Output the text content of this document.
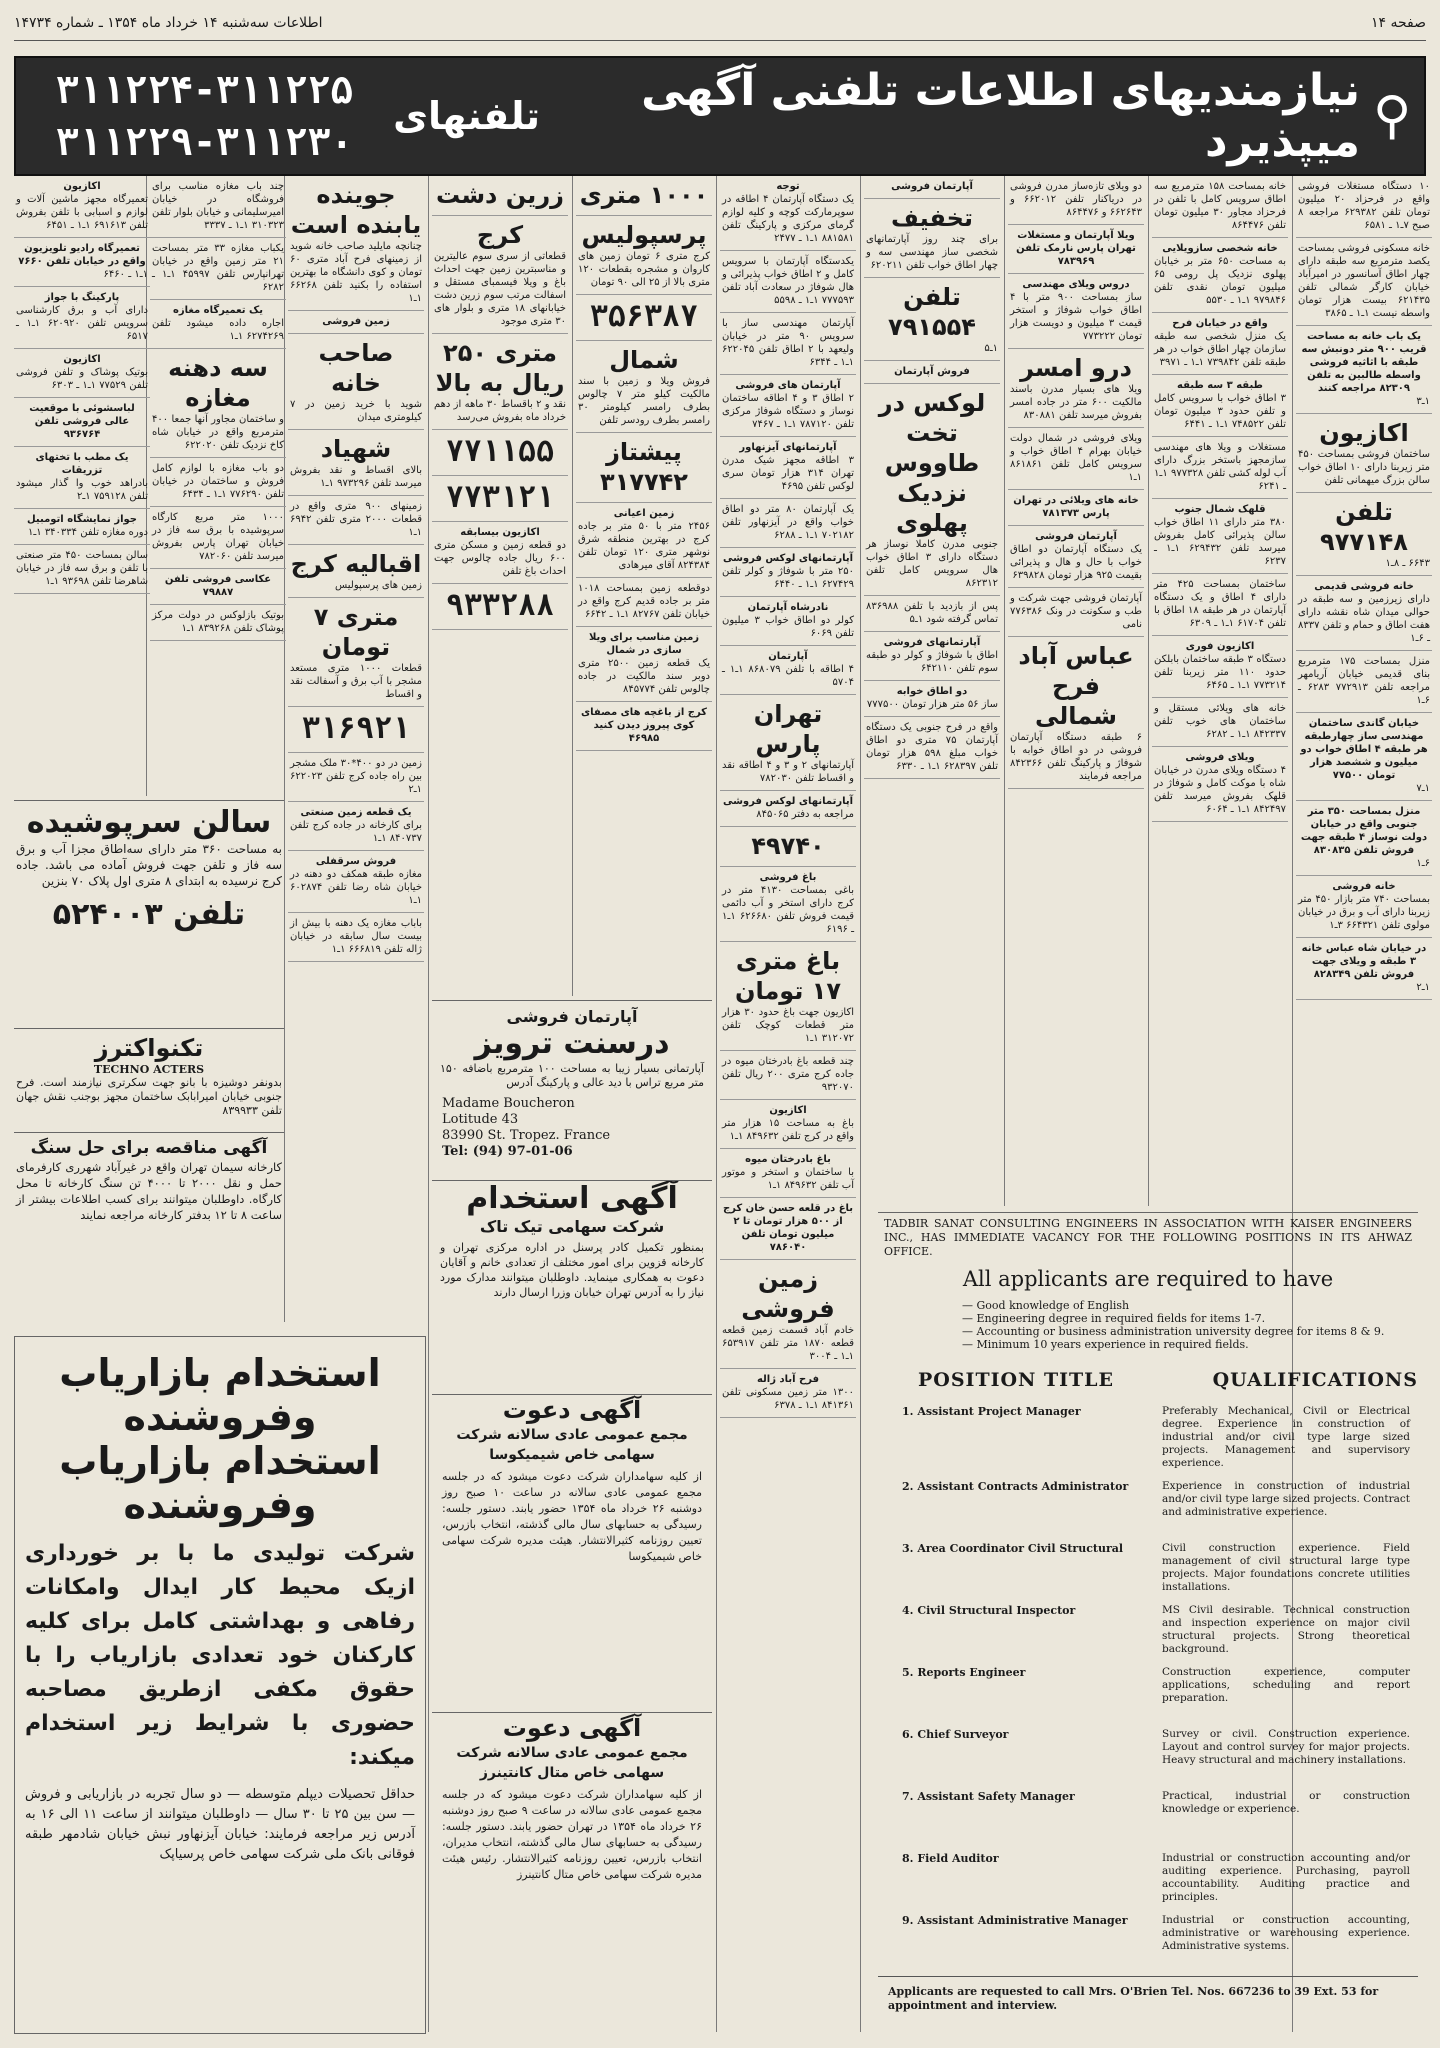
صفحه ۱۴
اطلاعات سه‌شنبه ۱۴ خرداد ماه ۱۳۵۴ ـ شماره ۱۴۷۳۴
⚲
نیازمندیهای اطلاعات تلفنی آگهی میپذیرد
تلفنهای
۳۱۱۲۲۴-۳۱۱۲۲۵
۳۱۱۲۲۹-۳۱۱۲۳۰
۱۰ دستگاه مستغلات فروشی واقع در فرحزاد ۲۰ میلیون تومان تلفن ۶۲۹۳۸۲ مراجعه ۸ صبح ۷ـ۱ ـ ۶۵۸۱
خانه مسکونی فروشی بمساحت یکصد مترمربع سه طبقه دارای چهار اطاق آسانسور در امیرآباد خیابان کارگر شمالی تلفن ۶۲۱۴۳۵ بیست هزار تومان واسطه نیست ۱ـ۱ ـ ۳۸۶۵
یک باب خانه به مساحت قریب ۹۰۰ متر دونبش سه طبقه با اثاثیه فروشی واسطه طالبین به تلفن ۸۲۳۰۹ مراجعه کنند
۱ـ۳
اکازیون
ساختمان فروشی بمساحت ۴۵۰ متر زیربنا دارای ۱۰ اطاق خواب سالن بزرگ میهمانی تلفن
تلفن ۹۷۷۱۴۸
۶۶۴۳ ـ ۸ـ۱
خانه فروشی قدیمی
دارای زیرزمین و سه طبقه در حوالی میدان شاه نقشه دارای هفت اطاق و حمام و تلفن ۸۳۳۷ ـ ۶ـ۱
منزل بمساحت ۱۷۵ مترمربع بنای قدیمی خیابان آریامهر مراجعه تلفن ۷۷۲۹۱۳ ۶۲۸۳ ـ ۶ـ۱
خیابان گاندی ساختمان مهندسی ساز چهارطبقه هر طبقه ۴ اطاق خواب دو میلیون و ششصد هزار تومان ۷۷۵۰۰
۱ـ۷
منزل بمساحت ۳۵۰ متر جنوبی واقع در خیابان دولت نوساز ۴ طبقه جهت فروش تلفن ۸۳۰۸۳۵
۶ـ۱
خانه فروشی
بمساحت ۷۴۰ متر بازار ۴۵۰ متر زیربنا دارای آب و برق در خیابان مولوی تلفن ۶۶۴۳۲۱ ۳ـ۱
در خیابان شاه عباس خانه ۳ طبقه و ویلای جهت فروش تلفن ۸۲۸۳۴۹
۱ـ۲
خانه بمساحت ۱۵۸ مترمربع سه اطاق سرویس کامل با تلفن در فرحزاد مجاور ۳۰ میلیون تومان تلفن ۸۶۴۴۷۶
خانه شخصی سازویلایی
به مساحت ۶۵۰ متر بر خیابان پهلوی نزدیک پل رومی ۶۵ میلیون تومان نقدی تلفن ۹۷۹۸۴۶ ۱ـ۱ ـ ۵۵۳۰
واقع در خیابان فرح
یک منزل شخصی سه طبقه سازمان چهار اطاق خواب در هر طبقه تلفن ۷۳۹۸۴۲ ۱ـ۱ ـ ۳۹۷۱
طبقه ۳ سه طبقه
۳ اطاق خواب با سرویس کامل و تلفن حدود ۳ میلیون تومان تلفن ۷۴۸۵۲۲ ۱ـ۱ ـ ۶۴۴۱
مستغلات و ویلا های مهندسی سازمجهز باستخر بزرگ دارای آب لوله کشی تلفن ۹۷۷۳۲۸ ۱ـ۱ ـ ۶۲۴۱
قلهک شمال جنوب
۳۸۰ متر دارای ۱۱ اطاق خواب سالن پذیرائی کامل بفروش میرسد تلفن ۶۲۹۴۳۲ ۱ـ۱ ـ ۶۲۳۷
ساختمان بمساحت ۴۲۵ متر دارای ۴ اطاق و یک دستگاه آپارتمان در هر طبقه ۱۸ اطاق با تلفن ۶۱۷۰۴ ۱ـ۱ ـ ۶۳۰۹
اکازیون فوری
دستگاه ۳ طبقه ساختمان بابلکن حدود ۱۱۰ متر زیربنا تلفن ۷۷۳۲۱۴ ۱ـ۱ ـ ۶۴۶۵
خانه های ویلائی مستقل و ساختمان های خوب تلفن ۸۴۲۳۳۷ ۱ـ۱ ـ ۶۲۸۲
ویلای فروشی
۴ دستگاه ویلای مدرن در خیابان شاه با موکت کامل و شوفاژ در قلهک بفروش میرسد تلفن ۸۴۲۴۹۷ ۱ـ۱ ـ ۶۰۶۴
دو ویلای تازه‌ساز مدرن فروشی در دریاکنار تلفن ۶۶۲۰۱۲ و ۶۶۲۶۴۳ و ۸۶۴۴۷۶
ویلا آپارتمان و مستغلات تهران پارس نارمک تلفن ۷۸۳۹۶۹
دروس ویلای مهندسی
ساز بمساحت ۹۰۰ متر با ۴ اطاق خواب شوفاژ و استخر قیمت ۳ میلیون و دویست هزار تومان ۷۷۳۲۲۲
درو امسر
ویلا های بسیار مدرن باسند مالکیت ۶۰۰ متر در جاده امسر بفروش میرسد تلفن ۸۳۰۸۸۱
ویلای فروشی در شمال دولت خیابان بهرام ۴ اطاق خواب و سرویس کامل تلفن ۸۶۱۸۶۱ ۱ـ۱
خانه های ویلائی در تهران پارس ۷۸۱۳۷۳
آپارتمان فروشی
یک دستگاه آپارتمان دو اطاق خواب با حال و هال و پذیرائی بقیمت ۹۲۵ هزار تومان ۶۳۹۸۲۸
آپارتمان فروشی جهت شرکت و طب و سکونت در ونک ۷۷۶۳۸۶ نامی
عباس آباد فرح شمالی
۶ طبقه دستگاه آپارتمان فروشی در دو اطاق خوابه با شوفاژ و پارکینگ تلفن ۸۴۲۳۶۶ مراجعه فرمایند
آپارتمان فروشی
تخفیف
برای چند روز آپارتمانهای شخصی ساز مهندسی سه و چهار اطاق خواب تلفن ۶۲۰۲۱۱
تلفن ۷۹۱۵۵۴
۱ـ۵
فروش آپارتمان
لوکس در تخت طاووس نزدیک پهلوی
جنوبی مدرن کاملا نوساز هر دستگاه دارای ۳ اطاق خواب هال سرویس کامل تلفن ۸۶۲۳۱۲
پس از بازدید با تلفن ۸۳۶۹۸۸ تماس گرفته شود ۱ـ۵
آپارتمانهای فروشی
اطاق با شوفاژ و کولر دو طبقه سوم تلفن ۶۴۲۱۱۰
دو اطاق خوابه
ساز ۵۶ متر هزار تومان ۷۷۷۵۰۰
واقع در فرح جنوبی یک دستگاه آپارتمان ۷۵ متری دو اطاق خواب مبلغ ۵۹۸ هزار تومان تلفن ۶۲۸۳۹۷ ۱ـ۱ ـ ۶۳۳۰
توجه
یک دستگاه آپارتمان ۴ اطاقه در سوپرمارکت کوچه و کلیه لوازم گرمای مرکزی و پارکینگ تلفن ۸۸۱۵۸۱ ۱ـ۱ ـ ۲۴۷۷
یکدستگاه آپارتمان با سرویس کامل و ۲ اطاق خواب پذیرائی و هال شوفاژ در سعادت آباد تلفن ۷۷۷۵۹۳ ۱ـ۱ ـ ۵۵۹۸
آپارتمان مهندسی ساز با سرویس ۹۰ متر در خیابان ولیعهد با ۲ اطاق تلفن ۶۲۲۰۴۵ ۱ـ۱ ـ ۶۳۴۴
آپارتمان های فروشی
۲ اطاق ۳ و ۴ اطاقه ساختمان نوساز و دستگاه شوفاژ مرکزی تلفن ۷۸۷۱۲۰ ۱ـ۱ ـ ۷۴۶۷
آپارتمانهای آیزنهاور
۳ اطاقه مجهز شیک مدرن تهران ۳۱۴ هزار تومان سری لوکس تلفن ۴۶۹۵
یک آپارتمان ۸۰ متر دو اطاق خواب واقع در آیزنهاور تلفن ۷۰۲۱۸۲ ۱ـ۱ ـ ۶۲۸۸
آپارتمانهای لوکس فروشی
۲۵۰ متر با شوفاژ و کولر تلفن ۶۲۷۴۲۹ ۱ـ۱ ـ ۶۴۴۰
نادرشاه آپارتمان
کولر دو اطاق خواب ۳ میلیون تلفن ۶۰۶۹
آپارتمان
۴ اطاقه با تلفن ۸۶۸۰۷۹ ۱ـ۱ ـ ۵۷۰۴
تهران پارس
آپارتمانهای ۲ و ۳ و ۴ اطاقه نقد و اقساط تلفن ۷۸۲۰۳۰
آپارتمانهای لوکس فروشی
مراجعه به دفتر ۸۴۵۰۶۵
۴۹۷۴۰
باغ فروشی
باغی بمساحت ۴۱۳۰ متر در کرج دارای استخر و آب دائمی قیمت فروش تلفن ۶۲۶۶۸۰ ۱ـ۱ ـ ۶۱۹۶
باغ متری ۱۷ تومان
اکازیون جهت باغ حدود ۳۰ هزار متر قطعات کوچک تلفن ۳۱۲۰۷۲ ۱ـ۱
چند قطعه باغ بادرختان میوه در جاده کرج متری ۲۰۰ ریال تلفن ۹۳۲۰۷۰
اکازیون
باغ به مساحت ۱۵ هزار متر واقع در کرج تلفن ۸۴۹۶۳۲ ۱ـ۱
باغ بادرختان میوه
با ساختمان و استخر و موتور آب تلفن ۸۴۹۶۳۲ ۱ـ۱
باغ در قلعه حسن خان کرج از ۵۰۰ هزار تومان تا ۲ میلیون تومان تلفن ۷۸۶۰۴۰
زمین فروشی
خادم آباد قسمت زمین قطعه قطعه ۱۸۷۰ متر تلفن ۶۵۳۹۱۷ ۱ـ۱ ـ ۳۰۰۴
فرح آباد ژاله
۱۳۰۰ متر زمین مسکونی تلفن ۸۴۱۳۶۱ ۱ـ۱ ـ ۶۳۷۸
۱۰۰۰ متری
پرسپولیس
کرج متری ۶ تومان زمین های کاروان و مشجره بقطعات ۱۲۰ متری بالا از ۲۵ الی ۹۰ تومان
۳۵۶۳۸۷
شمال
فروش ویلا و زمین با سند مالکیت کیلو متر ۷ چالوس بطرف رامسر کیلومتر ۳۰ رامسر بطرف رودسر تلفن
پیشتاز ۳۱۷۷۴۲
زمین اعیانی
۲۴۵۶ متر با ۵۰ متر بر جاده کرج در بهترین منطقه شرق نوشهر متری ۱۲۰ تومان تلفن ۸۲۴۳۸۴ آقای میرهادی
دوقطعه زمین بمساحت ۱۰۱۸ متر بر جاده قدیم کرج واقع در خیابان تلفن ۸۲۷۶۷ ۱ـ۱ ـ ۶۶۴۲
زمین مناسب برای ویلا سازی در شمال
یک قطعه زمین ۲۵۰۰ متری دوبر سند مالکیت در جاده چالوس تلفن ۸۴۵۷۷۴
کرج از باغچه های مصفای کوی پیروز دیدن کنید ۴۶۹۸۵
زرین دشت
کرج
قطعاتی از سری سوم عالیترین و مناسبترین زمین جهت احداث باغ و ویلا فیسمبای مستقل و اسفالت مرتب سوم زرین دشت خیابانهای ۱۸ متری و بلوار های ۳۰ متری موجود
متری ۲۵۰ ریال به بالا
نقد و ۲ باقساط ۳۰ ماهه از دهم خرداد ماه بفروش می‌رسد
۷۷۱۱۵۵
۷۷۳۱۲۱
اکازیون بیسابقه
دو قطعه زمین و مسکن متری ۶۰۰ ریال جاده چالوس جهت احداث باغ تلفن
۹۳۳۲۸۸
جوینده یابنده است
چنانچه مایلید صاحب خانه شوید از زمینهای فرح آباد متری ۶۰ تومان و کوی دانشگاه ما بهترین استفاده را بکنید تلفن ۶۶۲۶۸ ۱ـ۱
زمین فروشی
صاحب خانه
شوید با خرید زمین در ۷ کیلومتری میدان
شهیاد
بالای اقساط و نقد بفروش میرسد تلفن ۹۷۳۲۹۶ ۱ـ۱
زمینهای ۹۰۰ متری واقع در قطعات ۲۰۰۰ متری تلفن ۶۹۴۲ ۱ـ۱
اقبالیه کرج
زمین های پرسپولیس
متری ۷ تومان
قطعات ۱۰۰۰ متری مستعد مشجر با آب برق و آسفالت نقد و اقساط
۳۱۶۹۲۱
زمین در دو ۴۰۰*۳۰ ملک مشجر بین راه جاده کرج تلفن ۶۲۲۰۲۳ ۱ـ۲
یک قطعه زمین صنعتی
برای کارخانه در جاده کرج تلفن ۸۴۰۷۳۷ ۱ـ۱
فروش سرقفلی
مغازه طبقه همکف دو دهنه در خیابان شاه رضا تلفن ۶۰۲۸۷۴ ۱ـ۱
باباب مغازه یک دهنه با بیش از بیست سال سابقه در خیابان ژاله تلفن ۶۶۶۸۱۹ ۱ـ۱
چند باب مغازه مناسب برای فروشگاه در خیابان امیرسلیمانی و خیابان بلوار تلفن ۳۱۰۳۲۳ ۱ـ۱ ـ ۳۳۳۷
یکباب مغازه ۳۳ متر بمساحت ۲۱ متر زمین واقع در خیابان تهرانپارس تلفن ۴۵۹۹۷ ۱ـ۱ ـ ۶۲۸۲
یک تعمیرگاه مغازه
اجاره داده میشود تلفن ۶۲۷۴۲۶۹ ۱ـ۱
سه دهنه مغازه
و ساختمان مجاور آنها جمعا ۴۰۰ مترمربع واقع در خیابان شاه کاخ نزدیک تلفن ۶۲۲۰۲۰
دو باب مغازه با لوازم کامل فروش و ساختمان در خیابان تلفن ۷۷۶۲۹۰ ۱ـ۱ ـ ۶۴۳۴
۱۰۰۰ متر مربع کارگاه سرپوشیده با برق سه فاز در خیابان تهران پارس بفروش میرسد تلفن ۷۸۲۰۶۰
عکاسی فروشی تلفن ۷۹۸۸۷
بوتیک بازلوکس در دولت مرکز پوشاک تلفن ۸۳۹۲۶۸ ۱ـ۱
اکازیون
تعمیرگاه مجهز ماشین آلات و لوازم و اسبابی با تلفن بفروش تلفن ۶۹۱۶۱۳ ۱ـ۱ ـ ۶۴۵۱
تعمیرگاه رادیو تلویزیون واقع در خیابان تلفن ۷۶۶۰
۱ـ۱ ـ ۶۴۶۰
پارکینگ با جواز
دارای آب و برق کارشناسی سرویس تلفن ۶۲۰۹۲۰ ۱ـ۱ ـ ۶۵۱۷
اکازیون
بوتیک پوشاک و تلفن فروشی تلفن ۷۷۵۲۹ ۱ـ۱ ـ ۶۳۰۳
لباسشوئی با موقعیت عالی فروشی تلفن ۹۳۶۷۶۴
یک مطب با تختهای تزریقات
بادراهد خوب وا گذار میشود تلفن ۷۵۹۱۲۸ ۱ـ۲
جواز نمایشگاه اتومبیل
دوره مغازه تلفن ۳۴۰۳۳۴ ۱ـ۱
سالن بمساحت ۴۵۰ متر صنعتی با تلفن و برق سه فاز در خیابان شاهرضا تلفن ۹۳۶۹۸ ۱ـ۱
سالن سرپوشیده
به مساحت ۳۶۰ متر دارای سه‌اطاق مجزا آب و برق سه فاز و تلفن جهت فروش آماده می باشد. جاده کرج نرسیده به ابتدای ۸ متری اول پلاک ۷۰ بنزین
تلفن ۵۲۴۰۰۳
تکنواکترز
TECHNO ACTERS
بدونفر دوشیزه با بانو جهت سکرتری نیازمند است. فرح جنوبی خیابان امیرابابک ساختمان مجهز بوجنب نقش جهان تلفن ۸۳۹۹۳۳
آگهی مناقصه برای حل سنگ
کارخانه سیمان تهران واقع در غیرآباد شهرری کارفرمای حمل و نقل ۲۰۰۰ تا ۴۰۰۰ تن سنگ کارخانه تا محل کارگاه. داوطلبان میتوانند برای کسب اطلاعات بیشتر از ساعت ۸ تا ۱۲ بدفتر کارخانه مراجعه نمایند
استخدام بازاریاب
وفروشنده
استخدام بازاریاب
وفروشنده
شرکت تولیدی ما با بر خورداری ازیک محیط کار ایدال وامکانات رفاهی و بهداشتی کامل برای کلیه کارکنان خود تعدادی بازاریاب را با حقوق مکفی ازطریق مصاحبه حضوری با شرایط زیر استخدام میکند:
حداقل تحصیلات دیپلم متوسطه — دو سال تجربه در بازاریابی و فروش — سن بین ۲۵ تا ۳۰ سال — داوطلبان میتوانند از ساعت ۱۱ الی ۱۶ به آدرس زیر مراجعه فرمایند: خیابان آیزنهاور نبش خیابان شادمهر طبقه فوقانی بانک ملی شرکت سهامی خاص پرسیاپک
آپارتمان فروشی
درسنت ترویز
آپارتمانی بسیار زیبا به مساحت ۱۰۰ مترمربع باضافه ۱۵۰ متر مربع تراس با دید عالی و پارکینگ آدرس
Madame Boucheron
Lotitude 43
83990 St. Tropez. France
Tel: (94) 97-01-06
آگهی استخدام
شرکت سهامی تیک تاک
بمنظور تکمیل کادر پرسنل در اداره مرکزی تهران و کارخانه قزوین برای امور مختلف از تعدادی خانم و آقایان دعوت به همکاری مینماید. داوطلبان میتوانند مدارک مورد نیاز را به آدرس تهران خیابان وزرا ارسال دارند
آگهی دعوت
مجمع عمومی عادی سالانه شرکت سهامی خاص شیمیکوسا
از کلیه سهامداران شرکت دعوت میشود که در جلسه مجمع عمومی عادی سالانه در ساعت ۱۰ صبح روز دوشنبه ۲۶ خرداد ماه ۱۳۵۴ حضور یابند. دستور جلسه: رسیدگی به حسابهای سال مالی گذشته، انتخاب بازرس، تعیین روزنامه کثیرالانتشار. هیئت مدیره شرکت سهامی خاص شیمیکوسا
آگهی دعوت
مجمع عمومی عادی سالانه شرکت سهامی خاص متال کانتینرز
از کلیه سهامداران شرکت دعوت میشود که در جلسه مجمع عمومی عادی سالانه در ساعت ۹ صبح روز دوشنبه ۲۶ خرداد ماه ۱۳۵۴ در تهران حضور یابند. دستور جلسه: رسیدگی به حسابهای سال مالی گذشته، انتخاب مدیران، انتخاب بازرس، تعیین روزنامه کثیرالانتشار. رئیس هیئت مدیره شرکت سهامی خاص متال کانتینرز
TADBIR SANAT CONSULTING ENGINEERS IN ASSOCIATION WITH KAISER ENGINEERS INC., HAS IMMEDIATE VACANCY FOR THE FOLLOWING POSITIONS IN ITS AHWAZ OFFICE.
All applicants are required to have
— Good knowledge of English
— Engineering degree in required fields for items 1-7.
— Accounting or business administration university degree for items 8 & 9.
— Minimum 10 years experience in required fields.
POSITION TITLE	QUALIFICATIONS
1. Assistant Project Manager	Preferably Mechanical, Civil or Electrical degree. Experience in construction of industrial and/or civil type large sized projects. Management and supervisory experience.
2. Assistant Contracts Administrator	Experience in construction of industrial and/or civil type large sized projects. Contract and administrative experience.
3. Area Coordinator Civil Structural	Civil construction experience. Field management of civil structural large type projects. Major foundations concrete utilities installations.
4. Civil Structural Inspector	MS Civil desirable. Technical construction and inspection experience on major civil structural projects. Strong theoretical background.
5. Reports Engineer	Construction experience, computer applications, scheduling and report preparation.
6. Chief Surveyor	Survey or civil. Construction experience. Layout and control survey for major projects. Heavy structural and machinery installations.
7. Assistant Safety Manager	Practical, industrial or construction knowledge or experience.
8. Field Auditor	Industrial or construction accounting and/or auditing experience. Purchasing, payroll accountability. Auditing practice and principles.
9. Assistant Administrative Manager	Industrial or construction accounting, administrative or warehousing experience. Administrative systems.
Applicants are requested to call Mrs. O'Brien Tel. Nos. 667236 to 39 Ext. 53 for appointment and interview.
